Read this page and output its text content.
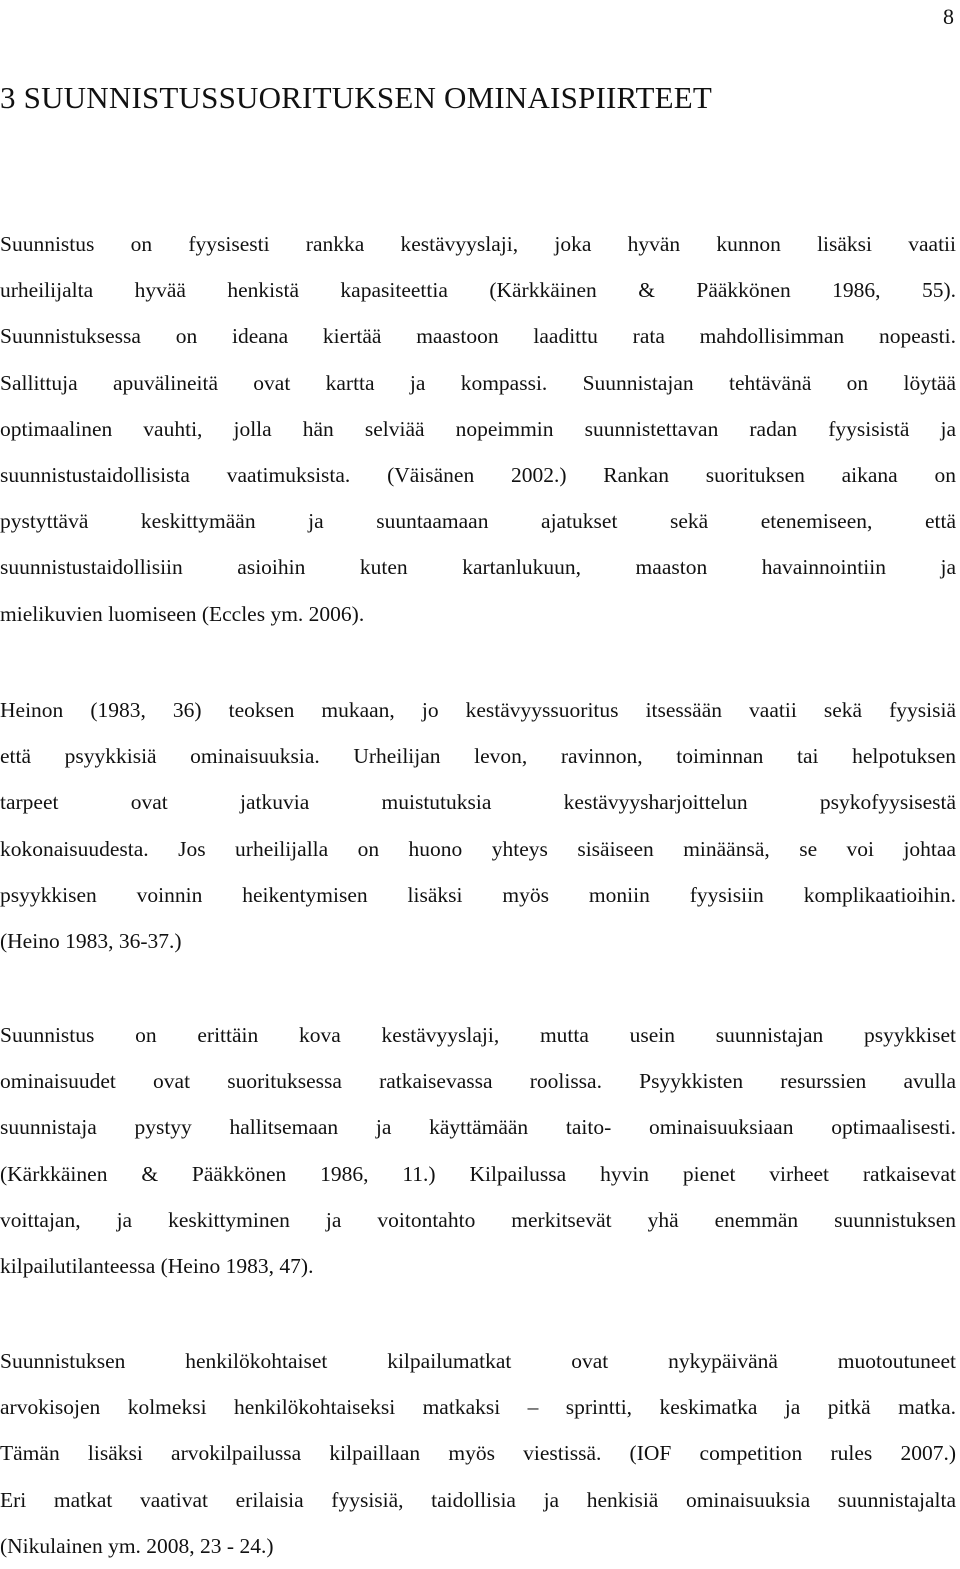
8
3 SUUNNISTUSSUORITUKSEN OMINAISPIIRTEET

Suunnistus on fyysisesti rankka kestävyyslaji, joka hyvän kunnon lisäksi vaatii
urheilijalta hyvää henkistä kapasiteettia (Kärkkäinen & Pääkkönen 1986, 55).
Suunnistuksessa on ideana kiertää maastoon laadittu rata mahdollisimman nopeasti.
Sallittuja apuvälineitä ovat kartta ja kompassi. Suunnistajan tehtävänä on löytää
optimaalinen vauhti, jolla hän selviää nopeimmin suunnistettavan radan fyysisistä ja
suunnistustaidollisista vaatimuksista. (Väisänen 2002.) Rankan suorituksen aikana on
pystyttävä keskittymään ja suuntaamaan ajatukset sekä etenemiseen, että
suunnistustaidollisiin asioihin kuten kartanlukuun, maaston havainnointiin ja
mielikuvien luomiseen (Eccles ym. 2006).

Heinon (1983, 36) teoksen mukaan, jo kestävyyssuoritus itsessään vaatii sekä fyysisiä
että psyykkisiä ominaisuuksia. Urheilijan levon, ravinnon, toiminnan tai helpotuksen
tarpeet ovat jatkuvia muistutuksia kestävyysharjoittelun psykofyysisestä
kokonaisuudesta. Jos urheilijalla on huono yhteys sisäiseen minäänsä, se voi johtaa
psyykkisen voinnin heikentymisen lisäksi myös moniin fyysisiin komplikaatioihin.
(Heino 1983, 36-37.)

Suunnistus on erittäin kova kestävyyslaji, mutta usein suunnistajan psyykkiset
ominaisuudet ovat suorituksessa ratkaisevassa roolissa. Psyykkisten resurssien avulla
suunnistaja pystyy hallitsemaan ja käyttämään taito- ominaisuuksiaan optimaalisesti.
(Kärkkäinen & Pääkkönen 1986, 11.) Kilpailussa hyvin pienet virheet ratkaisevat
voittajan, ja keskittyminen ja voitontahto merkitsevät yhä enemmän suunnistuksen
kilpailutilanteessa (Heino 1983, 47).

Suunnistuksen henkilökohtaiset kilpailumatkat ovat nykypäivänä muotoutuneet
arvokisojen kolmeksi henkilökohtaiseksi matkaksi – sprintti, keskimatka ja pitkä matka.
Tämän lisäksi arvokilpailussa kilpaillaan myös viestissä. (IOF competition rules 2007.)
Eri matkat vaativat erilaisia fyysisiä, taidollisia ja henkisiä ominaisuuksia suunnistajalta
(Nikulainen ym. 2008, 23 - 24.)
